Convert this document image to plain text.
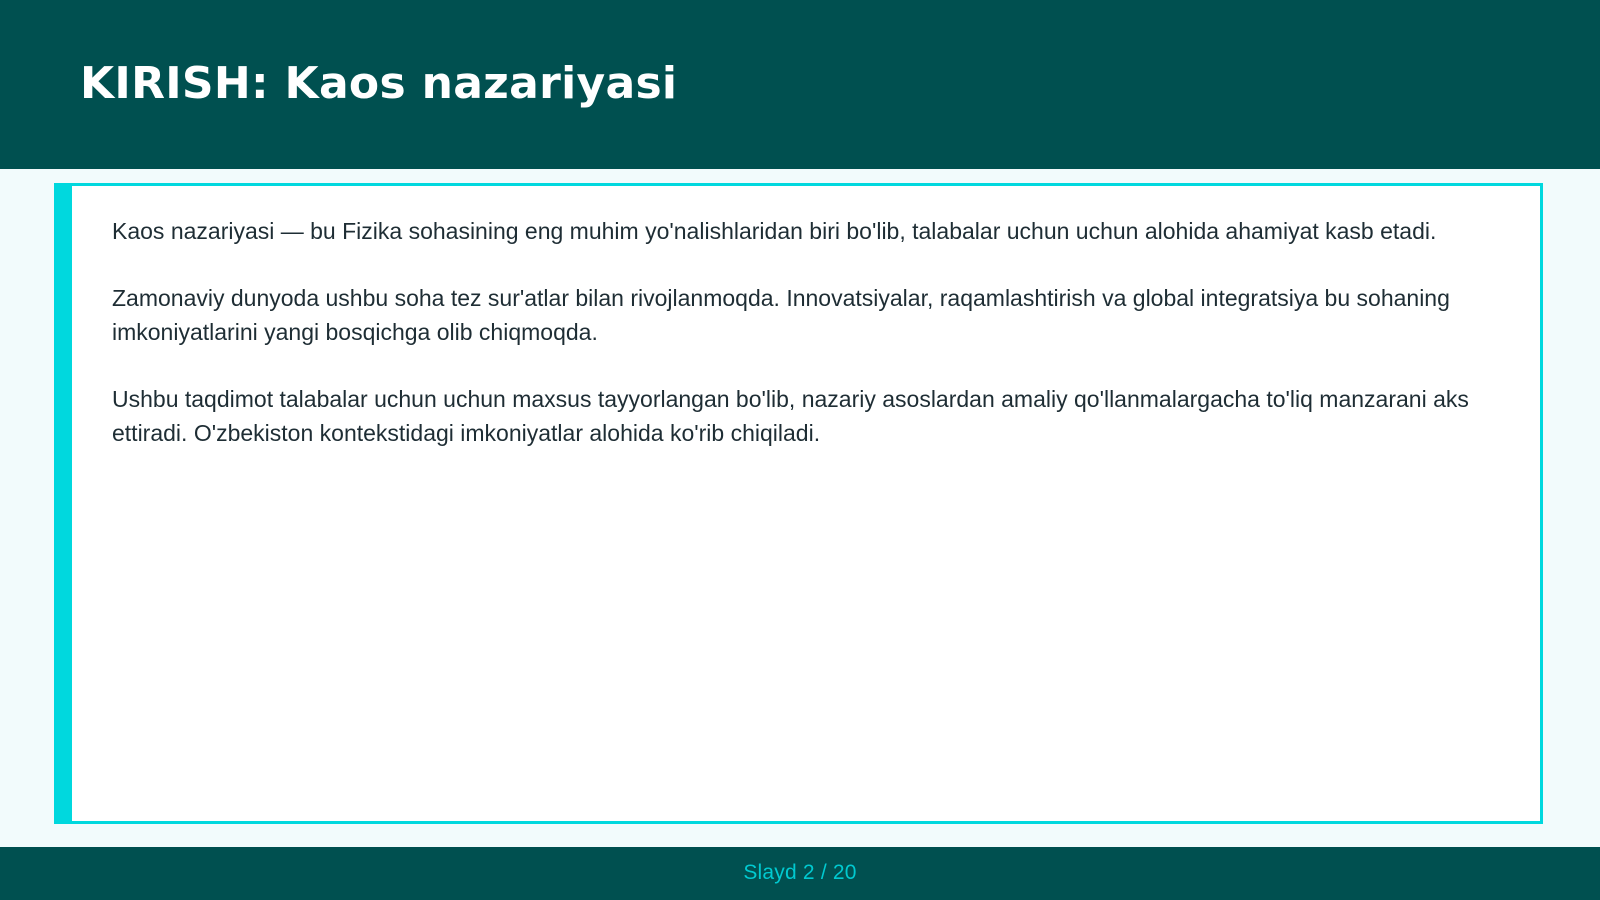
KIRISH: Kaos nazariyasi

Kaos nazariyasi — bu Fizika sohasining eng muhim yo'nalishlaridan biri bo'lib, talabalar uchun uchun alohida ahamiyat kasb etadi.

Zamonaviy dunyoda ushbu soha tez sur'atlar bilan rivojlanmoqda. Innovatsiyalar, raqamlashtirish va global integratsiya bu sohaning imkoniyatlarini yangi bosqichga olib chiqmoqda.

Ushbu taqdimot talabalar uchun uchun maxsus tayyorlangan bo'lib, nazariy asoslardan amaliy qo'llanmalargacha to'liq manzarani aks ettiradi. O'zbekiston kontekstidagi imkoniyatlar alohida ko'rib chiqiladi.

Slayd 2 / 20
